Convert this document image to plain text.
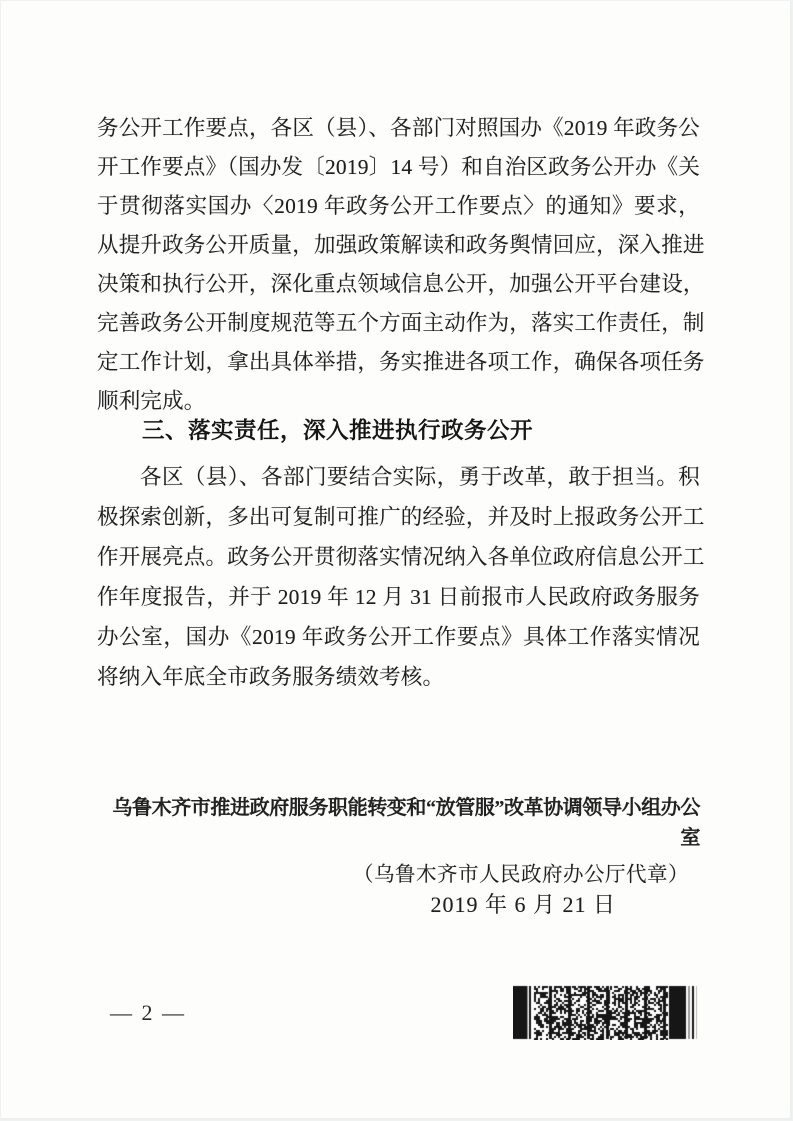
务公开工作要点，各区（县）、各部门对照国办《2019 年政务公
开工作要点》（国办发〔2019〕14 号）和自治区政务公开办《关
于贯彻落实国办〈2019 年政务公开工作要点〉的通知》要求，
从提升政务公开质量，加强政策解读和政务舆情回应，深入推进
决策和执行公开，深化重点领域信息公开，加强公开平台建设，
完善政务公开制度规范等五个方面主动作为，落实工作责任，制
定工作计划，拿出具体举措，务实推进各项工作，确保各项任务
顺利完成。
三、落实责任，深入推进执行政务公开
各区（县）、各部门要结合实际，勇于改革，敢于担当。积
极探索创新，多出可复制可推广的经验，并及时上报政务公开工
作开展亮点。政务公开贯彻落实情况纳入各单位政府信息公开工
作年度报告，并于 2019 年 12 月 31 日前报市人民政府政务服务
办公室，国办《2019 年政务公开工作要点》具体工作落实情况
将纳入年底全市政务服务绩效考核。
乌鲁木齐市推进政府服务职能转变和“放管服”改革协调领导小组办公室
（乌鲁木齐市人民政府办公厅代章）
2019 年 6 月 21 日
— 2 —
